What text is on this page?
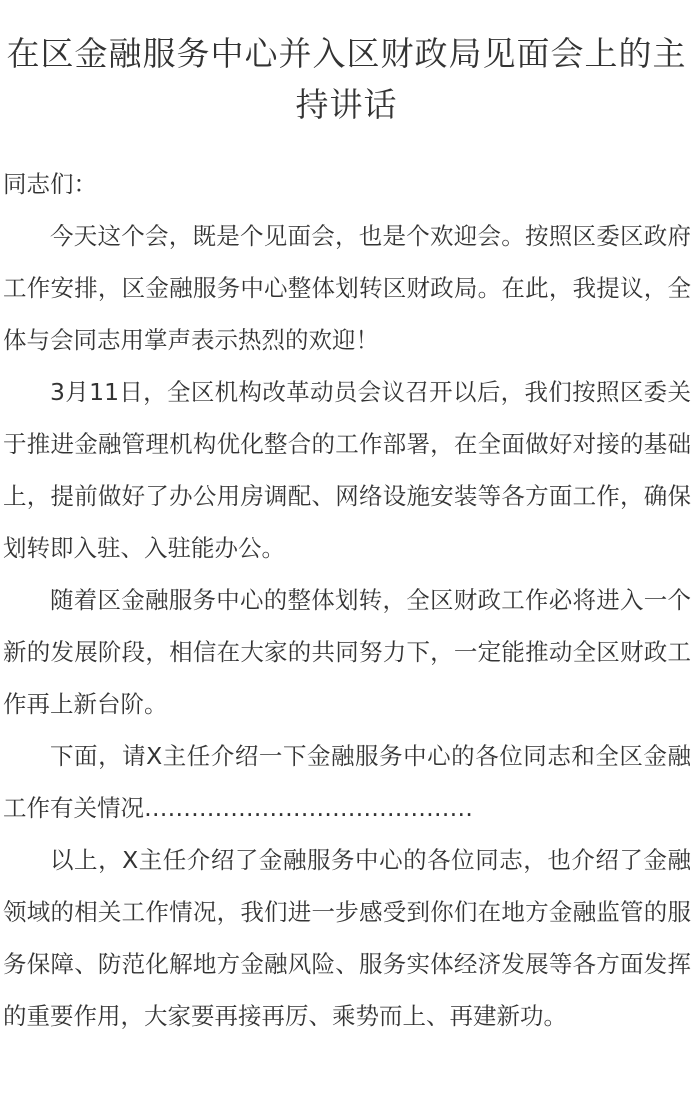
在区金融服务中心并入区财政局见面会上的主持讲话

同志们：

今天这个会，既是个见面会，也是个欢迎会。按照区委区政府工作安排，区金融服务中心整体划转区财政局。在此，我提议，全体与会同志用掌声表示热烈的欢迎！

3月11日，全区机构改革动员会议召开以后，我们按照区委关于推进金融管理机构优化整合的工作部署，在全面做好对接的基础上，提前做好了办公用房调配、网络设施安装等各方面工作，确保划转即入驻、入驻能办公。

随着区金融服务中心的整体划转，全区财政工作必将进入一个新的发展阶段，相信在大家的共同努力下，一定能推动全区财政工作再上新台阶。

下面，请X主任介绍一下金融服务中心的各位同志和全区金融工作有关情况……………………………………

以上，X主任介绍了金融服务中心的各位同志，也介绍了金融领域的相关工作情况，我们进一步感受到你们在地方金融监管的服务保障、防范化解地方金融风险、服务实体经济发展等各方面发挥的重要作用，大家要再接再厉、乘势而上、再建新功。
